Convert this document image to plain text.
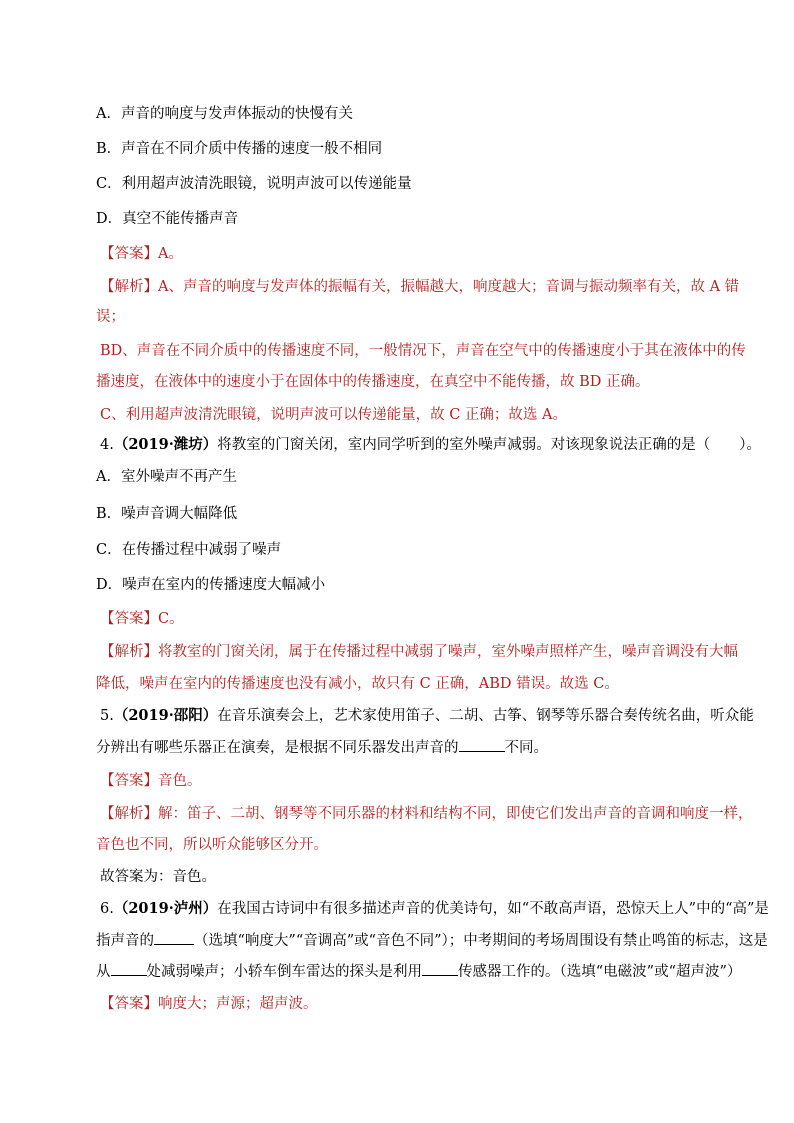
A．声音的响度与发声体振动的快慢有关
B．声音在不同介质中传播的速度一般不相同
C．利用超声波清洗眼镜，说明声波可以传递能量
D．真空不能传播声音
【答案】A。
【解析】A、声音的响度与发声体的振幅有关，振幅越大，响度越大；音调与振动频率有关，故 A 错
误；
BD、声音在不同介质中的传播速度不同，一般情况下，声音在空气中的传播速度小于其在液体中的传
播速度，在液体中的速度小于在固体中的传播速度，在真空中不能传播，故 BD 正确。
C、利用超声波清洗眼镜，说明声波可以传递能量，故 C 正确；故选 A。
4.（2019·潍坊）将教室的门窗关闭，室内同学听到的室外噪声减弱。对该现象说法正确的是（　　）。
A．室外噪声不再产生
B．噪声音调大幅降低
C．在传播过程中减弱了噪声
D．噪声在室内的传播速度大幅减小
【答案】C。
【解析】将教室的门窗关闭，属于在传播过程中减弱了噪声，室外噪声照样产生，噪声音调没有大幅
降低，噪声在室内的传播速度也没有减小，故只有 C 正确，ABD 错误。故选 C。
5.（2019·邵阳）在音乐演奏会上，艺术家使用笛子、二胡、古筝、钢琴等乐器合奏传统名曲，听众能
分辨出有哪些乐器正在演奏，是根据不同乐器发出声音的	不同。
【答案】音色。
【解析】解：笛子、二胡、钢琴等不同乐器的材料和结构不同，即使它们发出声音的音调和响度一样，
音色也不同，所以听众能够区分开。
故答案为：音色。
6.（2019·泸州）在我国古诗词中有很多描述声音的优美诗句，如“不敢高声语，恐惊天上人”中的“高”是
指声音的	（选填“响度大”“音调高”或“音色不同”）；中考期间的考场周围设有禁止鸣笛的标志，这是
从 处减弱噪声；小轿车倒车雷达的探头是利用 传感器工作的。（选填“电磁波”或“超声波”）
【答案】响度大；声源；超声波。
